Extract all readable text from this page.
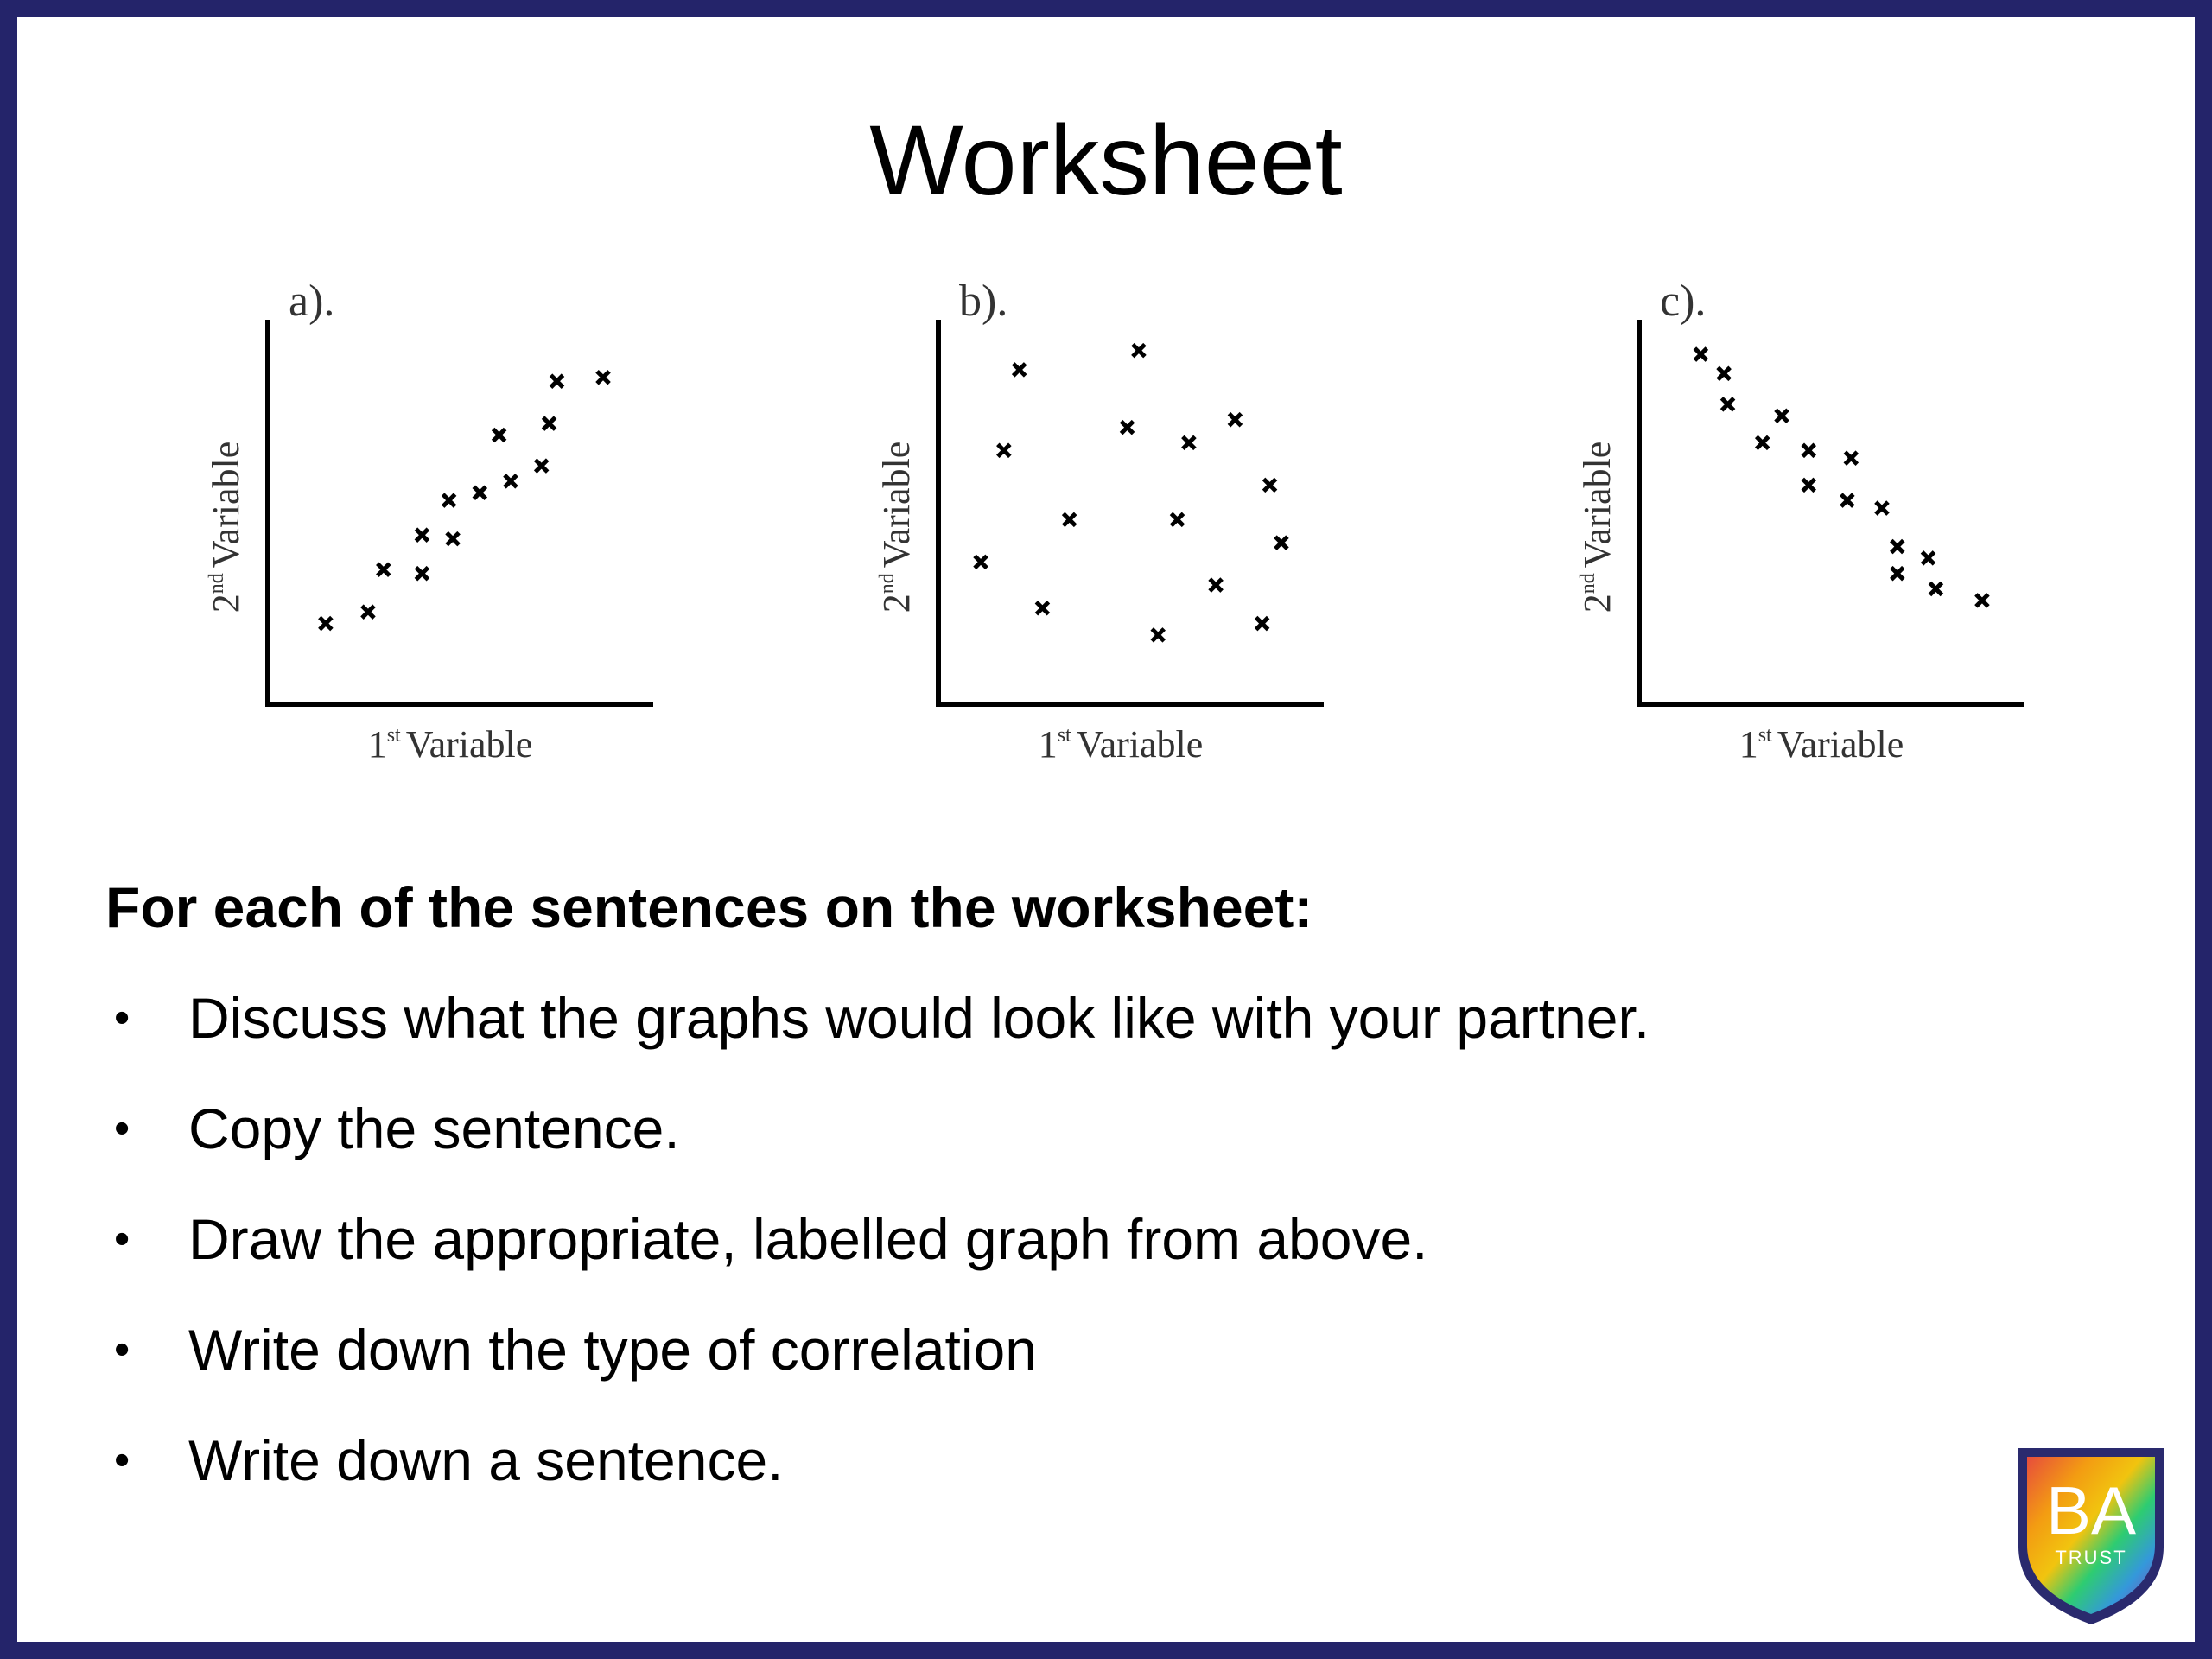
Worksheet
a).
1st Variable
2ndVariable
b).
1st Variable
2ndVariable
c).
1st Variable
2ndVariable
For each of the sentences on the worksheet:
• Discuss what the graphs would look like with your partner.
• Copy the sentence.
• Draw the appropriate, labelled graph from above.
• Write down the type of correlation
• Write down a sentence.
BA
TRUST
